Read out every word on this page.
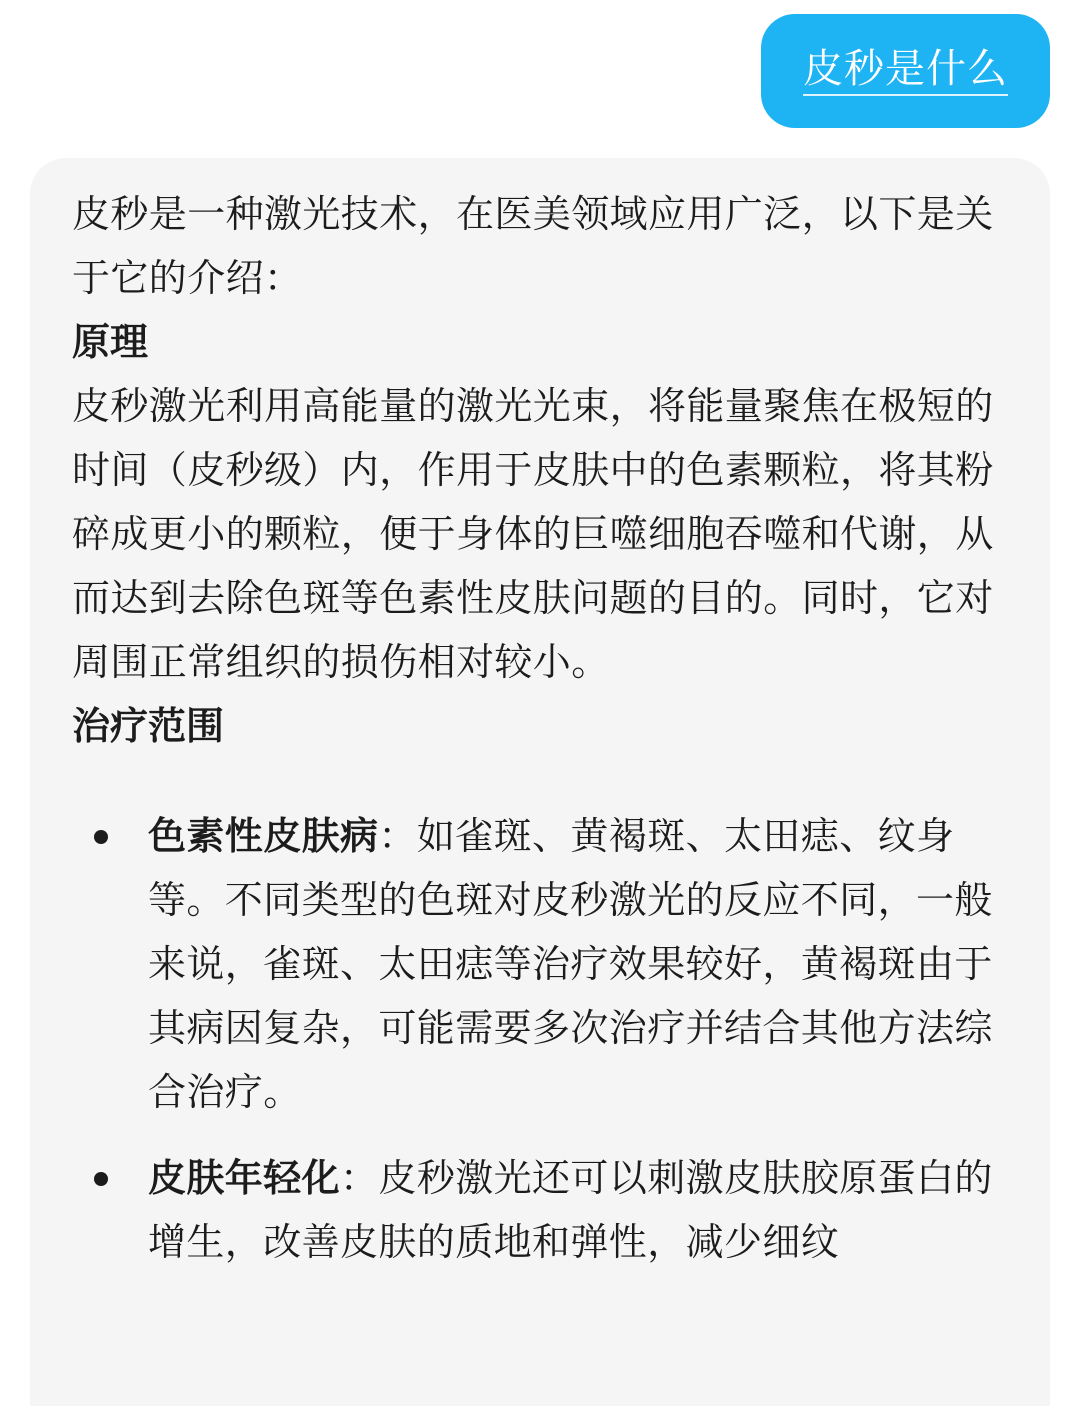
皮秒是什么

皮秒是一种激光技术，在医美领域应用广泛，以下是关于它的介绍：

原理

皮秒激光利用高能量的激光光束，将能量聚焦在极短的时间（皮秒级）内，作用于皮肤中的色素颗粒，将其粉碎成更小的颗粒，便于身体的巨噬细胞吞噬和代谢，从而达到去除色斑等色素性皮肤问题的目的。同时，它对周围正常组织的损伤相对较小。

治疗范围
色素性皮肤病：如雀斑、黄褐斑、太田痣、纹身等。不同类型的色斑对皮秒激光的反应不同，一般来说，雀斑、太田痣等治疗效果较好，黄褐斑由于其病因复杂，可能需要多次治疗并结合其他方法综合治疗。
皮肤年轻化：皮秒激光还可以刺激皮肤胶原蛋白的增生，改善皮肤的质地和弹性，减少细纹
